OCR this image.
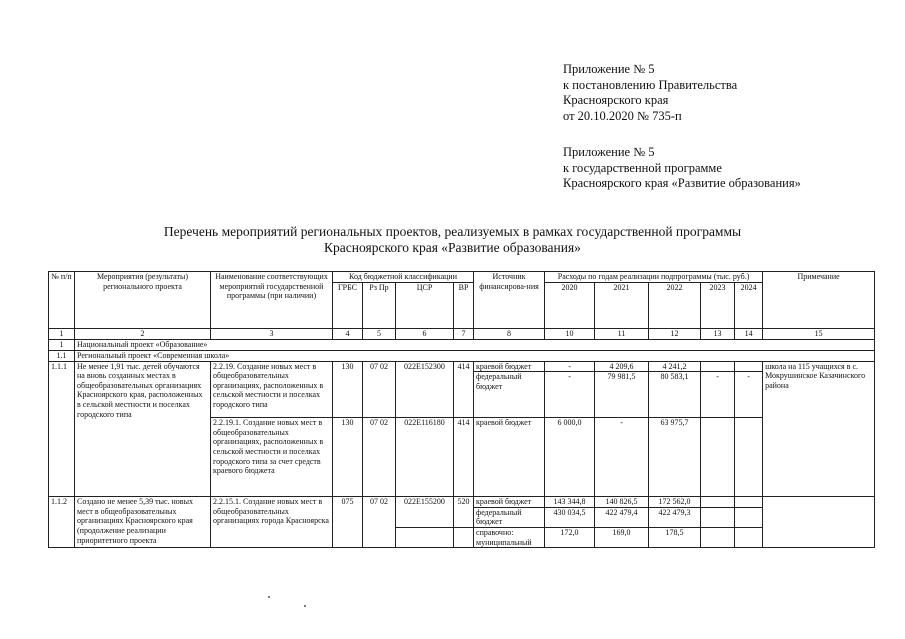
Приложение № 5
к постановлению Правительства
Красноярского края
от 20.10.2020 № 735-п
Приложение № 5
к государственной программе
Красноярского края «Развитие образования»
Перечень мероприятий региональных проектов, реализуемых в рамках государственной программы
Красноярского края «Развитие образования»
№ п/п	Мероприятия (результаты) регионального проекта	Наименование соответствующих мероприятий государственной программы (при наличии)	Код бюджетной классификации				Источник финансирова-ния	Расходы по годам реализации подпрограммы (тыс. руб.)					Примечание
			ГРБС	Рз Пр	ЦСР	ВР		2020	2021	2022	2023	2024	
1	2	3	4	5	6	7	8	10	11	12	13	14	15
1	Национальный проект «Образование»												
1.1	Региональный проект «Современная школа»												
1.1.1	Не менее 1,91 тыс. детей обучаются на вновь созданных местах в общеобразовательных организациях Красноярского края, расположенных в сельской местности и поселках городского типа	2.2.19. Создание новых мест в общеобразовательных организациях, расположенных в сельской местности и поселках городского типа	130	07 02	022Е152300	414	краевой бюджет	-	4 209,6	4 241,2			школа на 115 учащихся в с. Мокрушинское Казачинского района
							федеральный бюджет	-	79 981,5	80 583,1	-	-	
		2.2.19.1. Создание новых мест в общеобразовательных организациях, расположенных в сельской местности и поселках городского типа за счет средств краевого бюджета	130	07 02	022Е116180	414	краевой бюджет	6 000,0	-	63 975,7			
1.1.2	Создано не менее 5,39 тыс. новых мест в общеобразовательных организациях Красноярского края (продолжение реализации приоритетного проекта	2.2.15.1. Создание новых мест в общеобразовательных организациях города Красноярска	075	07 02	022Е155200	520	краевой бюджет	143 344,8	140 826,5	172 562,0			
							федеральный бюджет	430 034,5	422 479,4	422 479,3			
							справочно: муниципальный	172,0	169,0	178,5			
